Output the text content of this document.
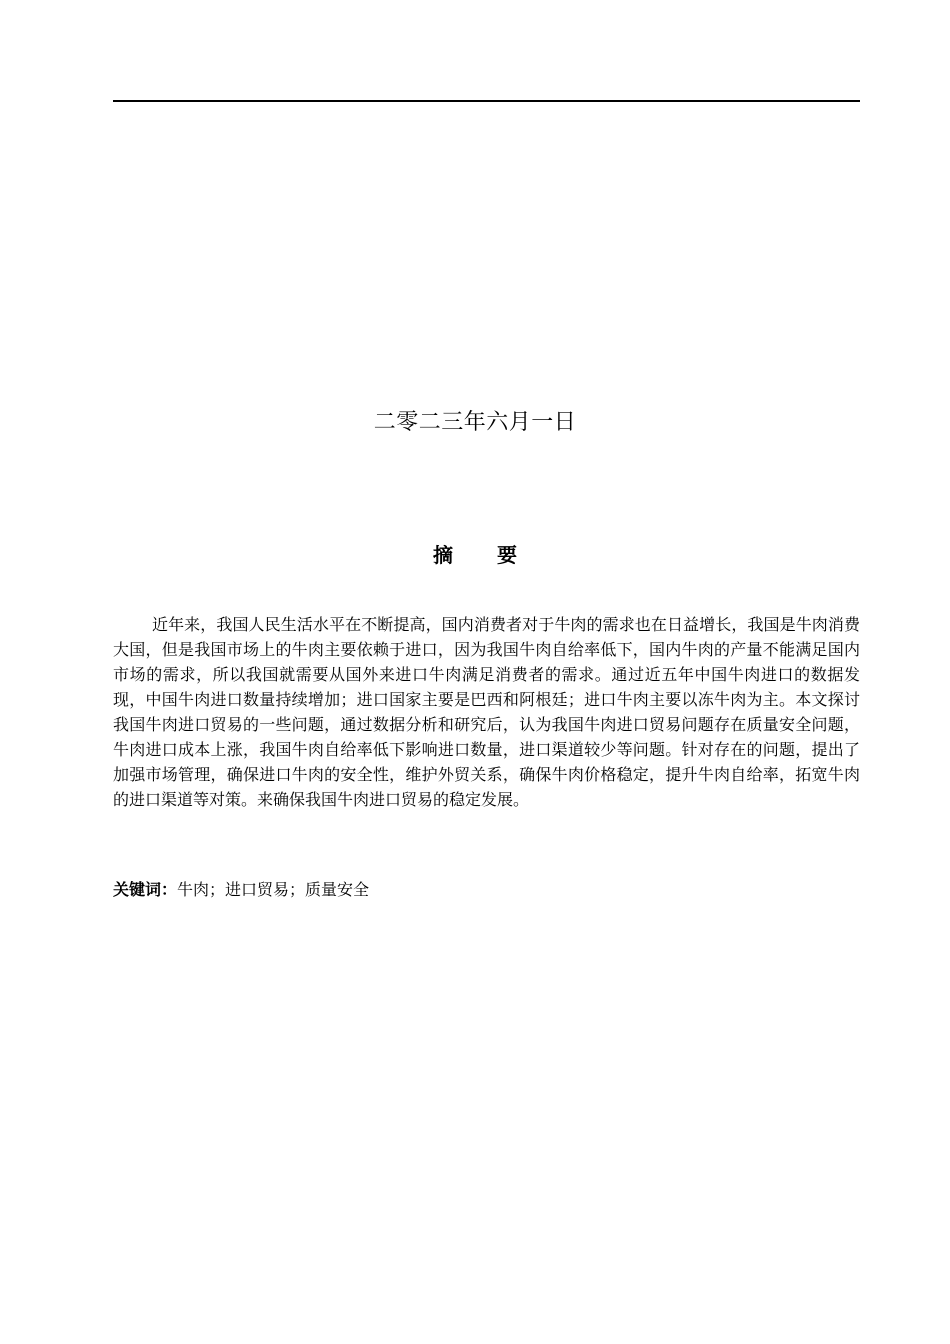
二零二三年六月一日
摘 要

近年来，我国人民生活水平在不断提高，国内消费者对于牛肉的需求也在日益增长，我国是牛肉消费大国，但是我国市场上的牛肉主要依赖于进口，因为我国牛肉自给率低下，国内牛肉的产量不能满足国内市场的需求，所以我国就需要从国外来进口牛肉满足消费者的需求。通过近五年中国牛肉进口的数据发现，中国牛肉进口数量持续增加；进口国家主要是巴西和阿根廷；进口牛肉主要以冻牛肉为主。本文探讨我国牛肉进口贸易的一些问题，通过数据分析和研究后，认为我国牛肉进口贸易问题存在质量安全问题，牛肉进口成本上涨，我国牛肉自给率低下影响进口数量，进口渠道较少等问题。针对存在的问题，提出了加强市场管理，确保进口牛肉的安全性，维护外贸关系，确保牛肉价格稳定，提升牛肉自给率，拓宽牛肉的进口渠道等对策。来确保我国牛肉进口贸易的稳定发展。

关键词：牛肉；进口贸易；质量安全
